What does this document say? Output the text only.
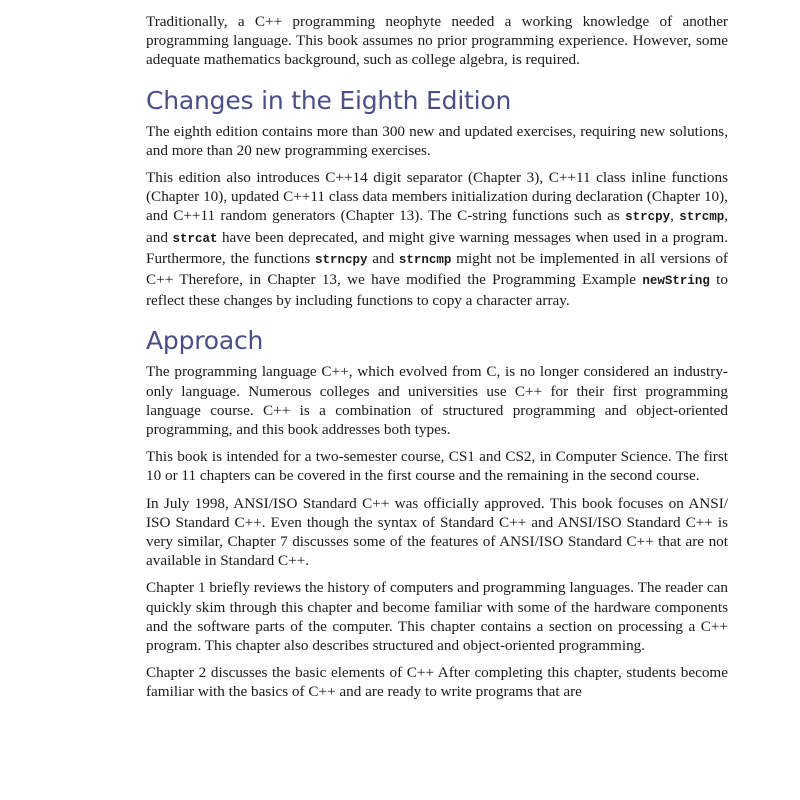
Traditionally, a C++ programming neophyte needed a working knowledge of another programming language. This book assumes no prior programming experience. However, some adequate mathematics background, such as college algebra, is required.

Changes in the Eighth Edition

The eighth edition contains more than 300 new and updated exercises, requiring new solutions, and more than 20 new programming exercises.

This edition also introduces C++14 digit separator (Chapter 3), C++11 class inline functions (Chapter 10), updated C++11 class data members initialization during declaration (Chapter 10), and C++11 random generators (Chapter 13). The C-string functions such as strcpy, strcmp, and strcat have been deprecated, and might give warning messages when used in a program. Furthermore, the functions strncpy and strncmp might not be implemented in all versions of C++ Therefore, in Chapter 13, we have modified the Programming Example newString to reflect these changes by including functions to copy a character array.

Approach

The programming language C++, which evolved from C, is no longer considered an industry-only language. Numerous colleges and universities use C++ for their first programming language course. C++ is a combination of structured programming and object-oriented programming, and this book addresses both types.

This book is intended for a two-semester course, CS1 and CS2, in Computer Science. The first 10 or 11 chapters can be covered in the first course and the remaining in the second course.

In July 1998, ANSI/ISO Standard C++ was officially approved. This book focuses on ANSI/ ISO Standard C++. Even though the syntax of Standard C++ and ANSI/ISO Standard C++ is very similar, Chapter 7 discusses some of the features of ANSI/ISO Standard C++ that are not available in Standard C++.

Chapter 1 briefly reviews the history of computers and programming languages. The reader can quickly skim through this chapter and become familiar with some of the hardware components and the software parts of the computer. This chapter contains a section on processing a C++ program. This chapter also describes structured and object-oriented programming.

Chapter 2 discusses the basic elements of C++ After completing this chapter, students become familiar with the basics of C++ and are ready to write programs that are
